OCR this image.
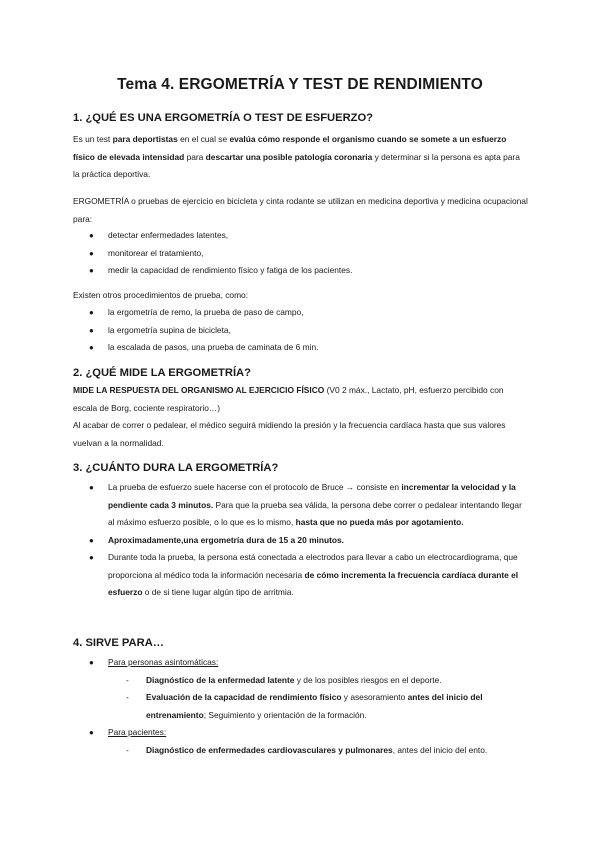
Tema 4. ERGOMETRÍA Y TEST DE RENDIMIENTO
1. ¿QUÉ ES UNA ERGOMETRÍA O TEST DE ESFUERZO?
Es un test para deportistas en el cual se evalúa cómo responde el organismo cuando se somete a un esfuerzo físico de elevada intensidad para descartar una posible patología coronaria y determinar si la persona es apta para la práctica deportiva.
ERGOMETRÍA o pruebas de ejercicio en bicicleta y cinta rodante se utilizan en medicina deportiva y medicina ocupacional para:
● detectar enfermedades latentes,
● monitorear el tratamiento,
● medir la capacidad de rendimiento físico y fatiga de los pacientes.
Existen otros procedimientos de prueba, como:
● la ergometría de remo, la prueba de paso de campo,
● la ergometría supina de bicicleta,
● la escalada de pasos, una prueba de caminata de 6 min.
2. ¿QUÉ MIDE LA ERGOMETRÍA?
MIDE LA RESPUESTA DEL ORGANISMO AL EJERCICIO FÍSICO (V0 2 máx., Lactato, pH, esfuerzo percibido con escala de Borg, cociente respiratorio…)
Al acabar de correr o pedalear, el médico seguirá midiendo la presión y la frecuencia cardíaca hasta que sus valores vuelvan a la normalidad.
3. ¿CUÁNTO DURA LA ERGOMETRÍA?
● La prueba de esfuerzo suele hacerse con el protocolo de Bruce → consiste en incrementar la velocidad y la pendiente cada 3 minutos. Para que la prueba sea válida, la persona debe correr o pedalear intentando llegar al máximo esfuerzo posible, o lo que es lo mismo, hasta que no pueda más por agotamiento.
● Aproximadamente,una ergometría dura de 15 a 20 minutos.
● Durante toda la prueba, la persona está conectada a electrodos para llevar a cabo un electrocardiograma, que proporciona al médico toda la información necesaria de cómo incrementa la frecuencia cardíaca durante el esfuerzo o de si tiene lugar algún tipo de arritmia.
4. SIRVE PARA…
● Para personas asintomáticas:
- Diagnóstico de la enfermedad latente y de los posibles riesgos en el deporte.
- Evaluación de la capacidad de rendimiento físico y asesoramiento antes del inicio del entrenamiento; Seguimiento y orientación de la formación.
● Para pacientes:
- Diagnóstico de enfermedades cardiovasculares y pulmonares, antes del inicio del ento.
